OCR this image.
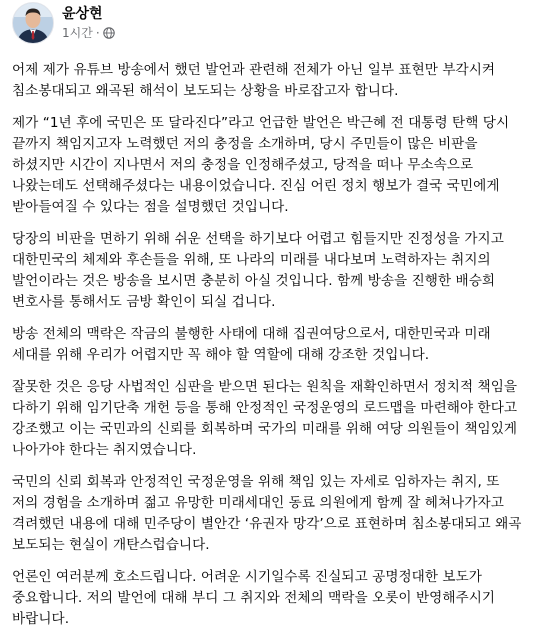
윤상현
1시간 ·

어제 제가 유튜브 방송에서 했던 발언과 관련해 전체가 아닌 일부 표현만 부각시켜 침소봉대되고 왜곡된 해석이 보도되는 상황을 바로잡고자 합니다.

제가 “1년 후에 국민은 또 달라진다”라고 언급한 발언은 박근혜 전 대통령 탄핵 당시 끝까지 책임지고자 노력했던 저의 충정을 소개하며, 당시 주민들이 많은 비판을 하셨지만 시간이 지나면서 저의 충정을 인정해주셨고, 당적을 떠나 무소속으로 나왔는데도 선택해주셨다는 내용이었습니다. 진심 어린 정치 행보가 결국 국민에게 받아들여질 수 있다는 점을 설명했던 것입니다.

당장의 비판을 면하기 위해 쉬운 선택을 하기보다 어렵고 힘들지만 진정성을 가지고 대한민국의 체제와 후손들을 위해, 또 나라의 미래를 내다보며 노력하자는 취지의 발언이라는 것은 방송을 보시면 충분히 아실 것입니다. 함께 방송을 진행한 배승희 변호사를 통해서도 금방 확인이 되실 겁니다.

방송 전체의 맥락은 작금의 불행한 사태에 대해 집권여당으로서, 대한민국과 미래 세대를 위해 우리가 어렵지만 꼭 해야 할 역할에 대해 강조한 것입니다.

잘못한 것은 응당 사법적인 심판을 받으면 된다는 원칙을 재확인하면서 정치적 책임을 다하기 위해 임기단축 개헌 등을 통해 안정적인 국정운영의 로드맵을 마련해야 한다고 강조했고 이는 국민과의 신뢰를 회복하며 국가의 미래를 위해 여당 의원들이 책임있게 나아가야 한다는 취지였습니다.

국민의 신뢰 회복과 안정적인 국정운영을 위해 책임 있는 자세로 임하자는 취지, 또 저의 경험을 소개하며 젊고 유망한 미래세대인 동료 의원에게 함께 잘 헤쳐나가자고 격려했던 내용에 대해 민주당이 별안간 ‘유권자 망각’으로 표현하며 침소봉대되고 왜곡 보도되는 현실이 개탄스럽습니다.

언론인 여러분께 호소드립니다. 어려운 시기일수록 진실되고 공명정대한 보도가 중요합니다. 저의 발언에 대해 부디 그 취지와 전체의 맥락을 오롯이 반영해주시기 바랍니다.
